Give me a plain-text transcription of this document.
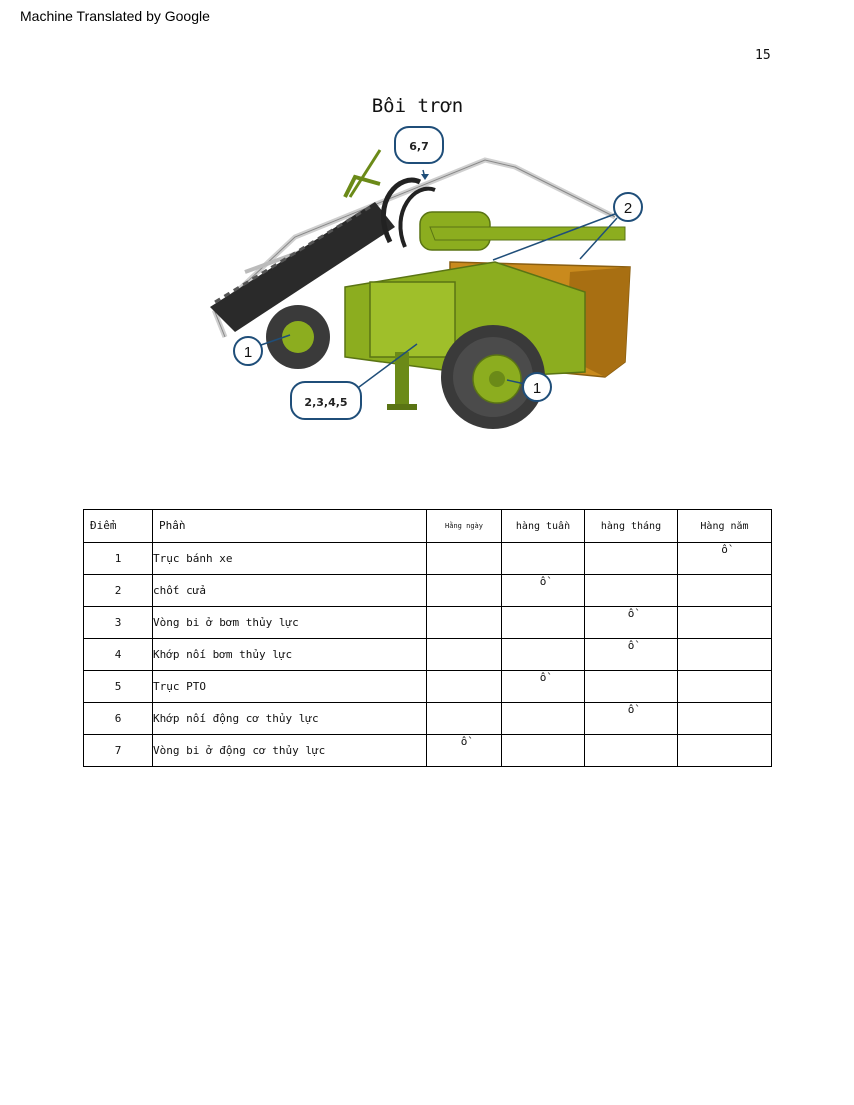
Machine Translated by Google
15
Bôi trơn
6,7
2
1
2,3,4,5
1
Điểm	Phần	Hằng ngày	hàng tuần	hàng tháng	Hàng năm
1	Trục bánh xe				ồ
2	chốt cửa		ồ		
3	Vòng bi ở bơm thủy lực			ồ	
4	Khớp nối bơm thủy lực			ồ	
5	Trục PTO		ồ		
6	Khớp nối động cơ thủy lực			ồ	
7	Vòng bi ở động cơ thủy lực	ồ			
